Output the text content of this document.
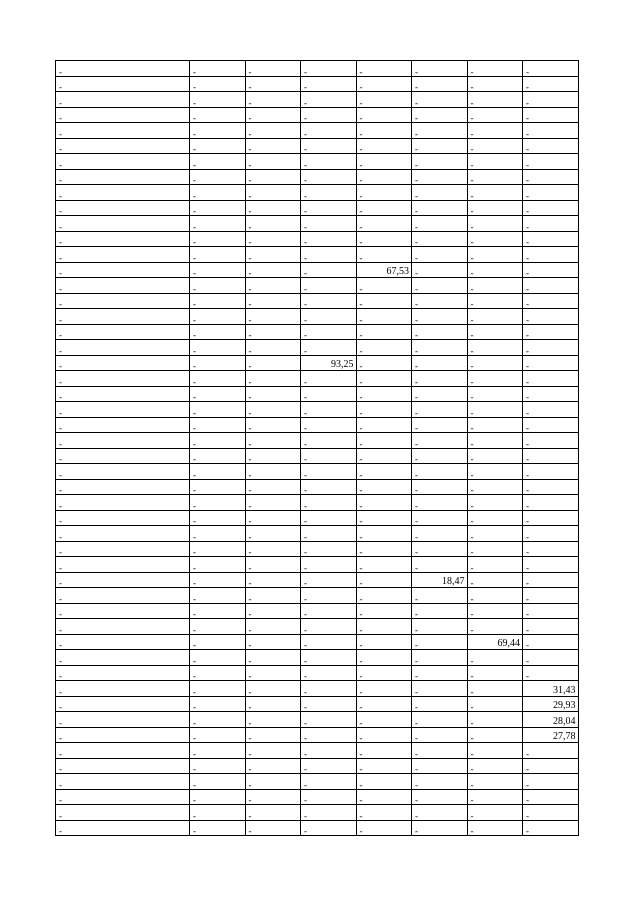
-	-	-	-	-	-	-	-
-	-	-	-	-	-	-	-
-	-	-	-	-	-	-	-
-	-	-	-	-	-	-	-
-	-	-	-	-	-	-	-
-	-	-	-	-	-	-	-
-	-	-	-	-	-	-	-
-	-	-	-	-	-	-	-
-	-	-	-	-	-	-	-
-	-	-	-	-	-	-	-
-	-	-	-	-	-	-	-
-	-	-	-	-	-	-	-
-	-	-	-	-	-	-	-
-	-	-	-	67,53	-	-	-
-	-	-	-	-	-	-	-
-	-	-	-	-	-	-	-
-	-	-	-	-	-	-	-
-	-	-	-	-	-	-	-
-	-	-	-	-	-	-	-
-	-	-	93,25	-	-	-	-
-	-	-	-	-	-	-	-
-	-	-	-	-	-	-	-
-	-	-	-	-	-	-	-
-	-	-	-	-	-	-	-
-	-	-	-	-	-	-	-
-	-	-	-	-	-	-	-
-	-	-	-	-	-	-	-
-	-	-	-	-	-	-	-
-	-	-	-	-	-	-	-
-	-	-	-	-	-	-	-
-	-	-	-	-	-	-	-
-	-	-	-	-	-	-	-
-	-	-	-	-	-	-	-
-	-	-	-	-	18,47	-	-
-	-	-	-	-	-	-	-
-	-	-	-	-	-	-	-
-	-	-	-	-	-	-	-
-	-	-	-	-	-	69,44	-
-	-	-	-	-	-	-	-
-	-	-	-	-	-	-	-
-	-	-	-	-	-	-	31,43
-	-	-	-	-	-	-	29,93
-	-	-	-	-	-	-	28,04
-	-	-	-	-	-	-	27,78
-	-	-	-	-	-	-	-
-	-	-	-	-	-	-	-
-	-	-	-	-	-	-	-
-	-	-	-	-	-	-	-
-	-	-	-	-	-	-	-
-	-	-	-	-	-	-	-
